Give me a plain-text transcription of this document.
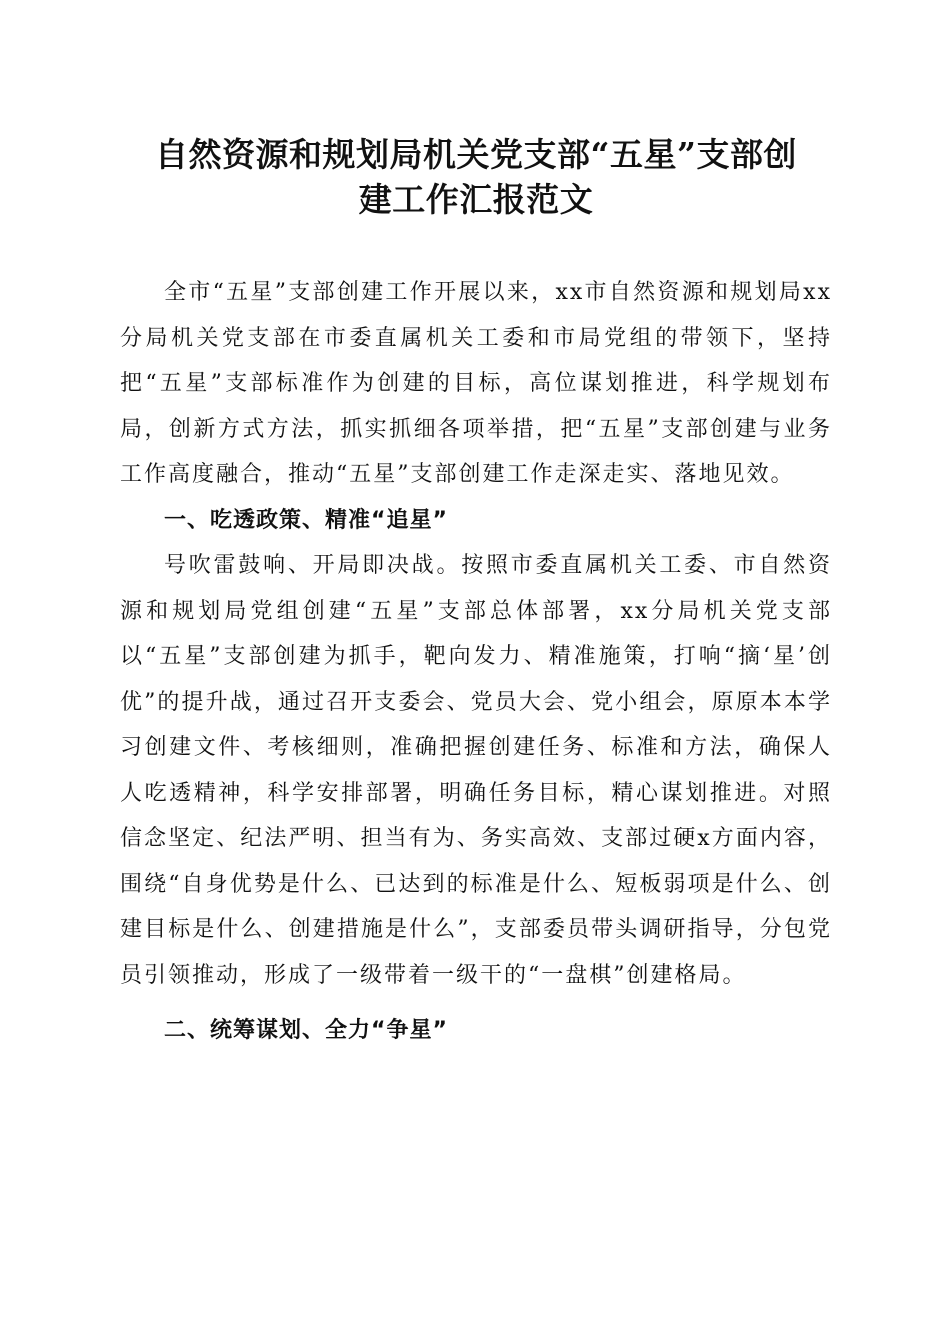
自然资源和规划局机关党支部“五星”支部创
建工作汇报范文

全市“五星”支部创建工作开展以来，xx市自然资源和规划局xx分局机关党支部在市委直属机关工委和市局党组的带领下，坚持把“五星”支部标准作为创建的目标，高位谋划推进，科学规划布局，创新方式方法，抓实抓细各项举措，把“五星”支部创建与业务工作高度融合，推动“五星”支部创建工作走深走实、落地见效。

一、吃透政策、精准“追星”

号吹雷鼓响、开局即决战。按照市委直属机关工委、市自然资源和规划局党组创建“五星”支部总体部署，xx分局机关党支部以“五星”支部创建为抓手，靶向发力、精准施策，打响“摘‘星’创优”的提升战，通过召开支委会、党员大会、党小组会，原原本本学习创建文件、考核细则，准确把握创建任务、标准和方法，确保人人吃透精神，科学安排部署，明确任务目标，精心谋划推进。对照信念坚定、纪法严明、担当有为、务实高效、支部过硬x方面内容，围绕“自身优势是什么、已达到的标准是什么、短板弱项是什么、创建目标是什么、创建措施是什么”，支部委员带头调研指导，分包党员引领推动，形成了一级带着一级干的“一盘棋”创建格局。

二、统筹谋划、全力“争星”
